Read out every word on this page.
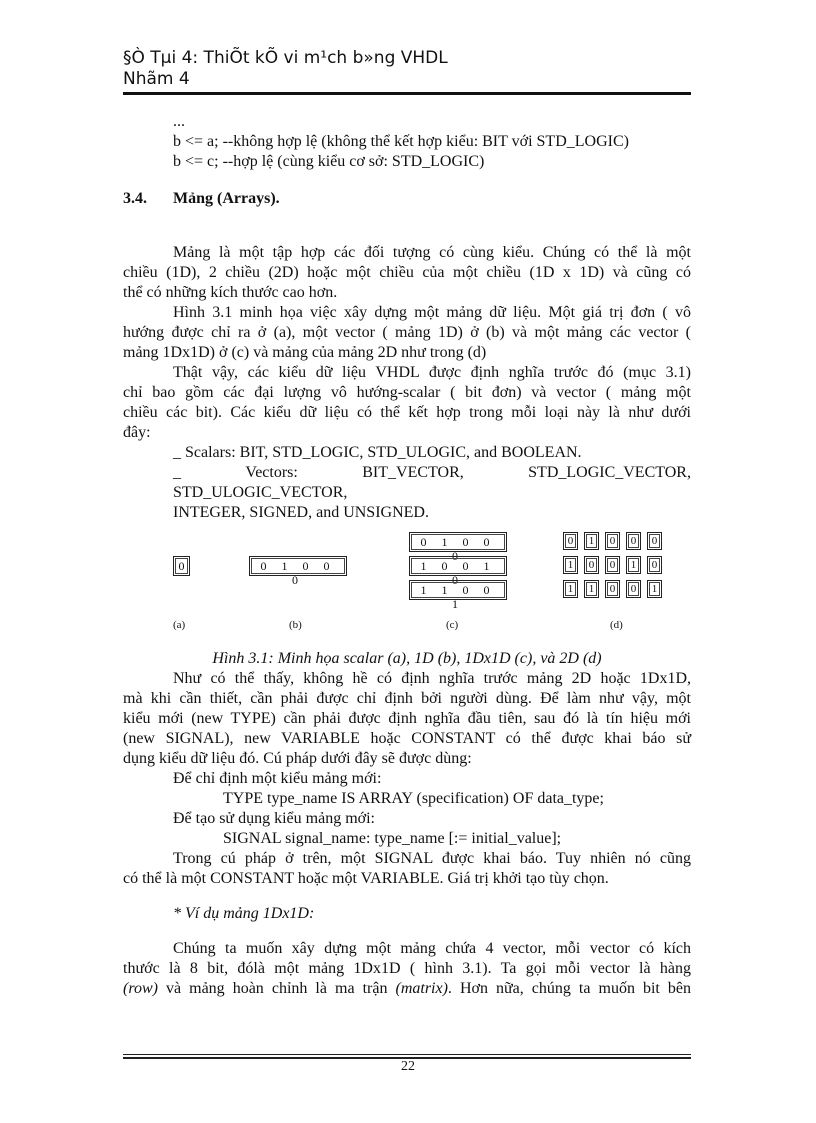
§Ò Tµi 4: ThiÕt kÕ vi m¹ch b»ng VHDL
Nhãm 4
...
b <= a; --không hợp lệ (không thể kết hợp kiểu: BIT với STD_LOGIC)
b <= c; --hợp lệ (cùng kiểu cơ sở: STD_LOGIC)
3.4.	Mảng (Arrays).
Mảng là một tập hợp các đối tượng có cùng kiểu. Chúng có thể là một
chiều (1D), 2 chiều (2D) hoặc một chiều của một chiều (1D x 1D) và cũng có
thể có những kích thước cao hơn.
Hình 3.1 minh họa việc xây dựng một mảng dữ liệu. Một giá trị đơn ( vô
hướng được chỉ ra ở (a), một vector ( mảng 1D) ở (b) và một mảng các vector (
mảng 1Dx1D) ở (c) và mảng của mảng 2D như trong (d)
Thật vậy, các kiểu dữ liệu VHDL được định nghĩa trước đó (mục 3.1)
chỉ bao gồm các đại lượng vô hướng-scalar ( bit đơn) và vector ( mảng một
chiều các bit). Các kiểu dữ liệu có thể kết hợp trong mỗi loại này là như dưới
đây:
_ Scalars: BIT, STD_LOGIC, STD_ULOGIC, and BOOLEAN.
_	Vectors:	BIT_VECTOR,	STD_LOGIC_VECTOR,
STD_ULOGIC_VECTOR,
INTEGER, SIGNED, and UNSIGNED.
0	0 1 0 0 0
0 1 0 0 0
1 0 0 1 0
1 1 0 0 1
0 1 0 0 0
1 0 0 1 0
1 1 0 0 1
(a)	(b)	(c)	(d)
Hình 3.1: Minh họa scalar (a), 1D (b), 1Dx1D (c), và 2D (d)
Như có thể thấy, không hề có định nghĩa trước mảng 2D hoặc 1Dx1D,
mà khi cần thiết, cần phải được chỉ định bởi người dùng. Để làm như vậy, một
kiểu mới (new TYPE) cần phải được định nghĩa đầu tiên, sau đó là tín hiệu mới
(new SIGNAL), new VARIABLE hoặc CONSTANT có thể được khai báo sử
dụng kiểu dữ liệu đó. Cú pháp dưới đây sẽ được dùng:
Để chỉ định một kiểu mảng mới:
TYPE type_name IS ARRAY (specification) OF data_type;
Để tạo sử dụng kiểu mảng mới:
SIGNAL signal_name: type_name [:= initial_value];
Trong cú pháp ở trên, một SIGNAL được khai báo. Tuy nhiên nó cũng
có thể là một CONSTANT hoặc một VARIABLE. Giá trị khởi tạo tùy chọn.
* Ví dụ mảng 1Dx1D:
Chúng ta muốn xây dựng một mảng chứa 4 vector, mỗi vector có kích
thước là 8 bit, đólà một mảng 1Dx1D ( hình 3.1). Ta gọi mỗi vector là hàng
(row) và mảng hoàn chỉnh là ma trận (matrix). Hơn nữa, chúng ta muốn bit bên
22
